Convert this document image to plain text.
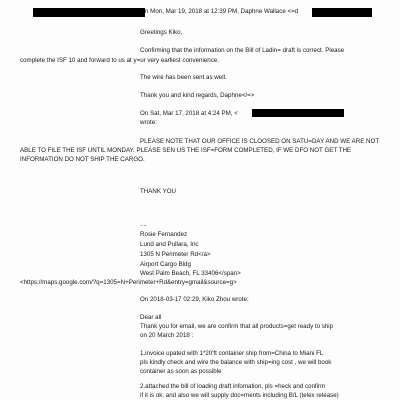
n Mon, Mar 19, 2018 at 12:39 PM, Daphne Wallace <=d
Greetings Kiko,
Confirming that the information on the Bill of Ladin= draft is correct. Please
complete the ISF 10 and forward to us at y=ur very earliest convenience.
The wire has been sent as well.
Thank you and kind regards, Daphne</=>
On Sat, Mar 17, 2018 at 4:24 PM, <
wrote:
PLEASE NOTE THAT OUR OFFICE IS CLOOSED ON SATU=DAY AND WE ARE NOT
ABLE TO FILE THE ISF UNTIL MONDAY. PLEASE SEN US THE ISF=FORM COMPLETED, IF WE DFO NOT GET THE
INFORMATION DO NOT SHIP THE CARGO.
THANK YOU
....
Rosie Fernandez
Lund and Pullara, Inc
1305 N Perimeter Rd</a>
Airport Cargo Bldg
West Palm Beach, FL 33406</span>
<https://maps.google.com/?q=1305=N+Perimeter+Rd&entry=gmail&source=g>
On 2018-03-17 02:29, Kiko Zhou wrote:
Dear all
Thank you for email, we are confirm that all products=get ready to ship
on 20 March 2018 :
1.invoice upated with 1*20'ft container ship from=China to Miani FL
pls kindly check and wire the balance with ship=ing cost , we will book
container as soon as possible
2.attached the bill of loading draft infomation, pls =heck and confirm
if it is ok. and also we will supply doc=ments including B/L (telex release)
